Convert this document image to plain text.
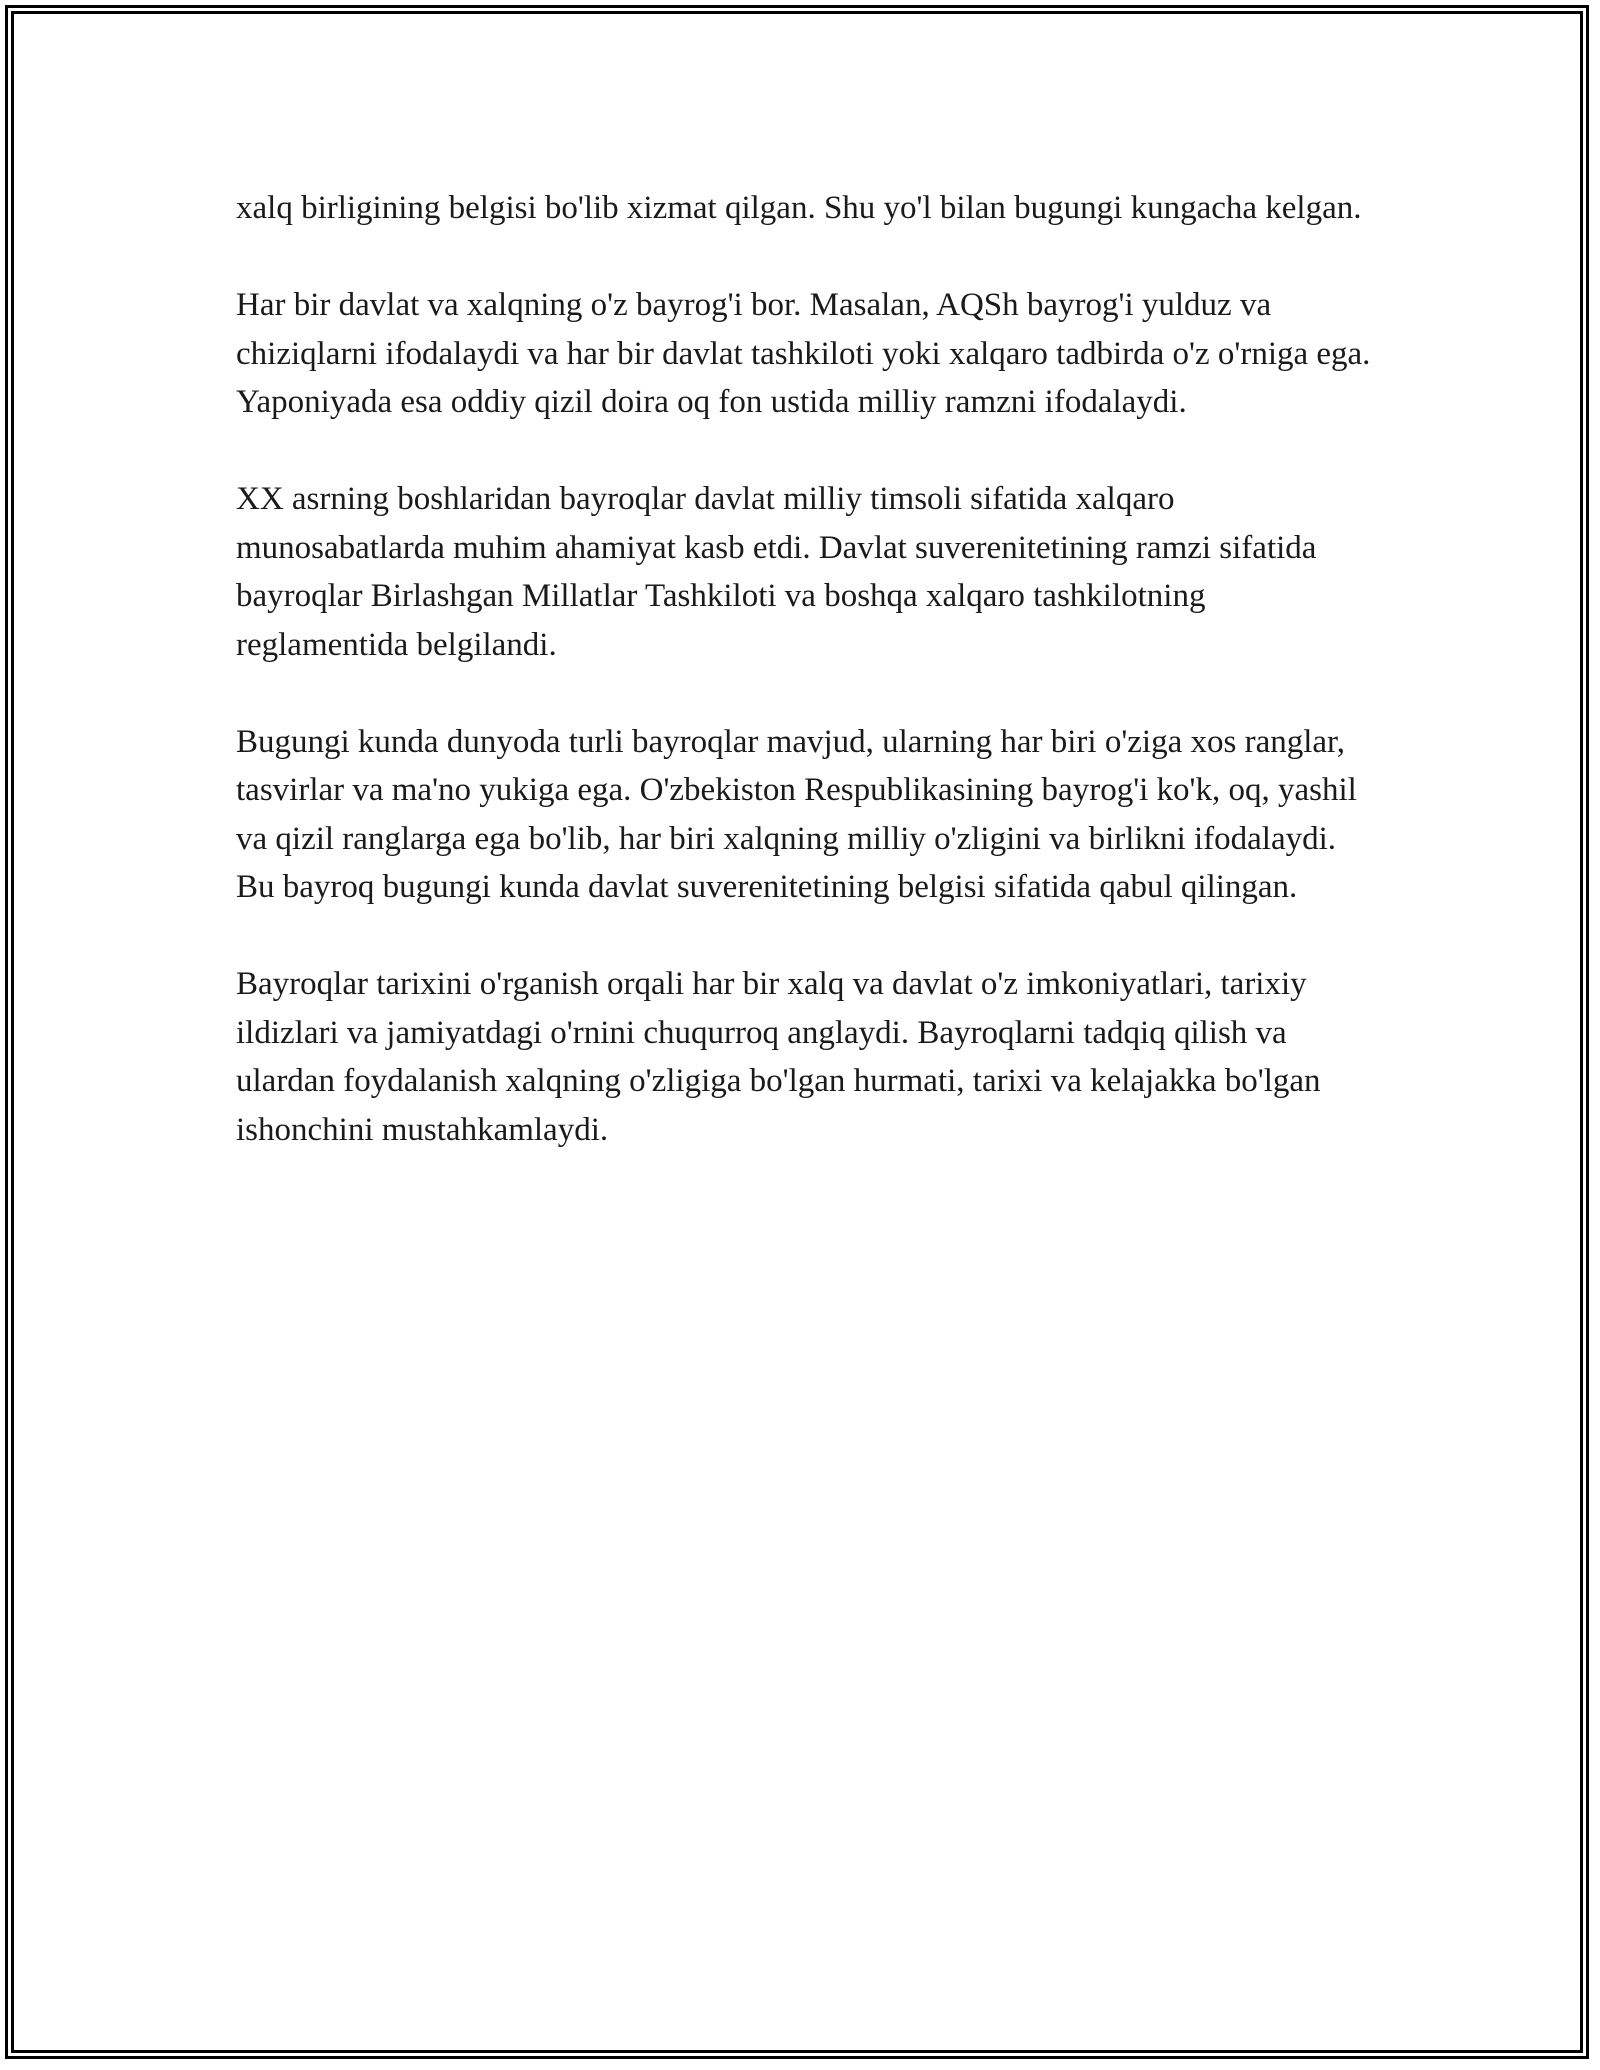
xalq birligining belgisi bo'lib xizmat qilgan. Shu yo'l bilan bugungi kungacha kelgan.

Har bir davlat va xalqning o'z bayrog'i bor. Masalan, AQSh bayrog'i yulduz va chiziqlarni ifodalaydi va har bir davlat tashkiloti yoki xalqaro tadbirda o'z o'rniga ega. Yaponiyada esa oddiy qizil doira oq fon ustida milliy ramzni ifodalaydi.

XX asrning boshlaridan bayroqlar davlat milliy timsoli sifatida xalqaro munosabatlarda muhim ahamiyat kasb etdi. Davlat suverenitetining ramzi sifatida bayroqlar Birlashgan Millatlar Tashkiloti va boshqa xalqaro tashkilotning reglamentida belgilandi.

Bugungi kunda dunyoda turli bayroqlar mavjud, ularning har biri o'ziga xos ranglar, tasvirlar va ma'no yukiga ega. O'zbekiston Respublikasining bayrog'i ko'k, oq, yashil va qizil ranglarga ega bo'lib, har biri xalqning milliy o'zligini va birlikni ifodalaydi. Bu bayroq bugungi kunda davlat suverenitetining belgisi sifatida qabul qilingan.

Bayroqlar tarixini o'rganish orqali har bir xalq va davlat o'z imkoniyatlari, tarixiy ildizlari va jamiyatdagi o'rnini chuqurroq anglaydi. Bayroqlarni tadqiq qilish va ulardan foydalanish xalqning o'zligiga bo'lgan hurmati, tarixi va kelajakka bo'lgan ishonchini mustahkamlaydi.
